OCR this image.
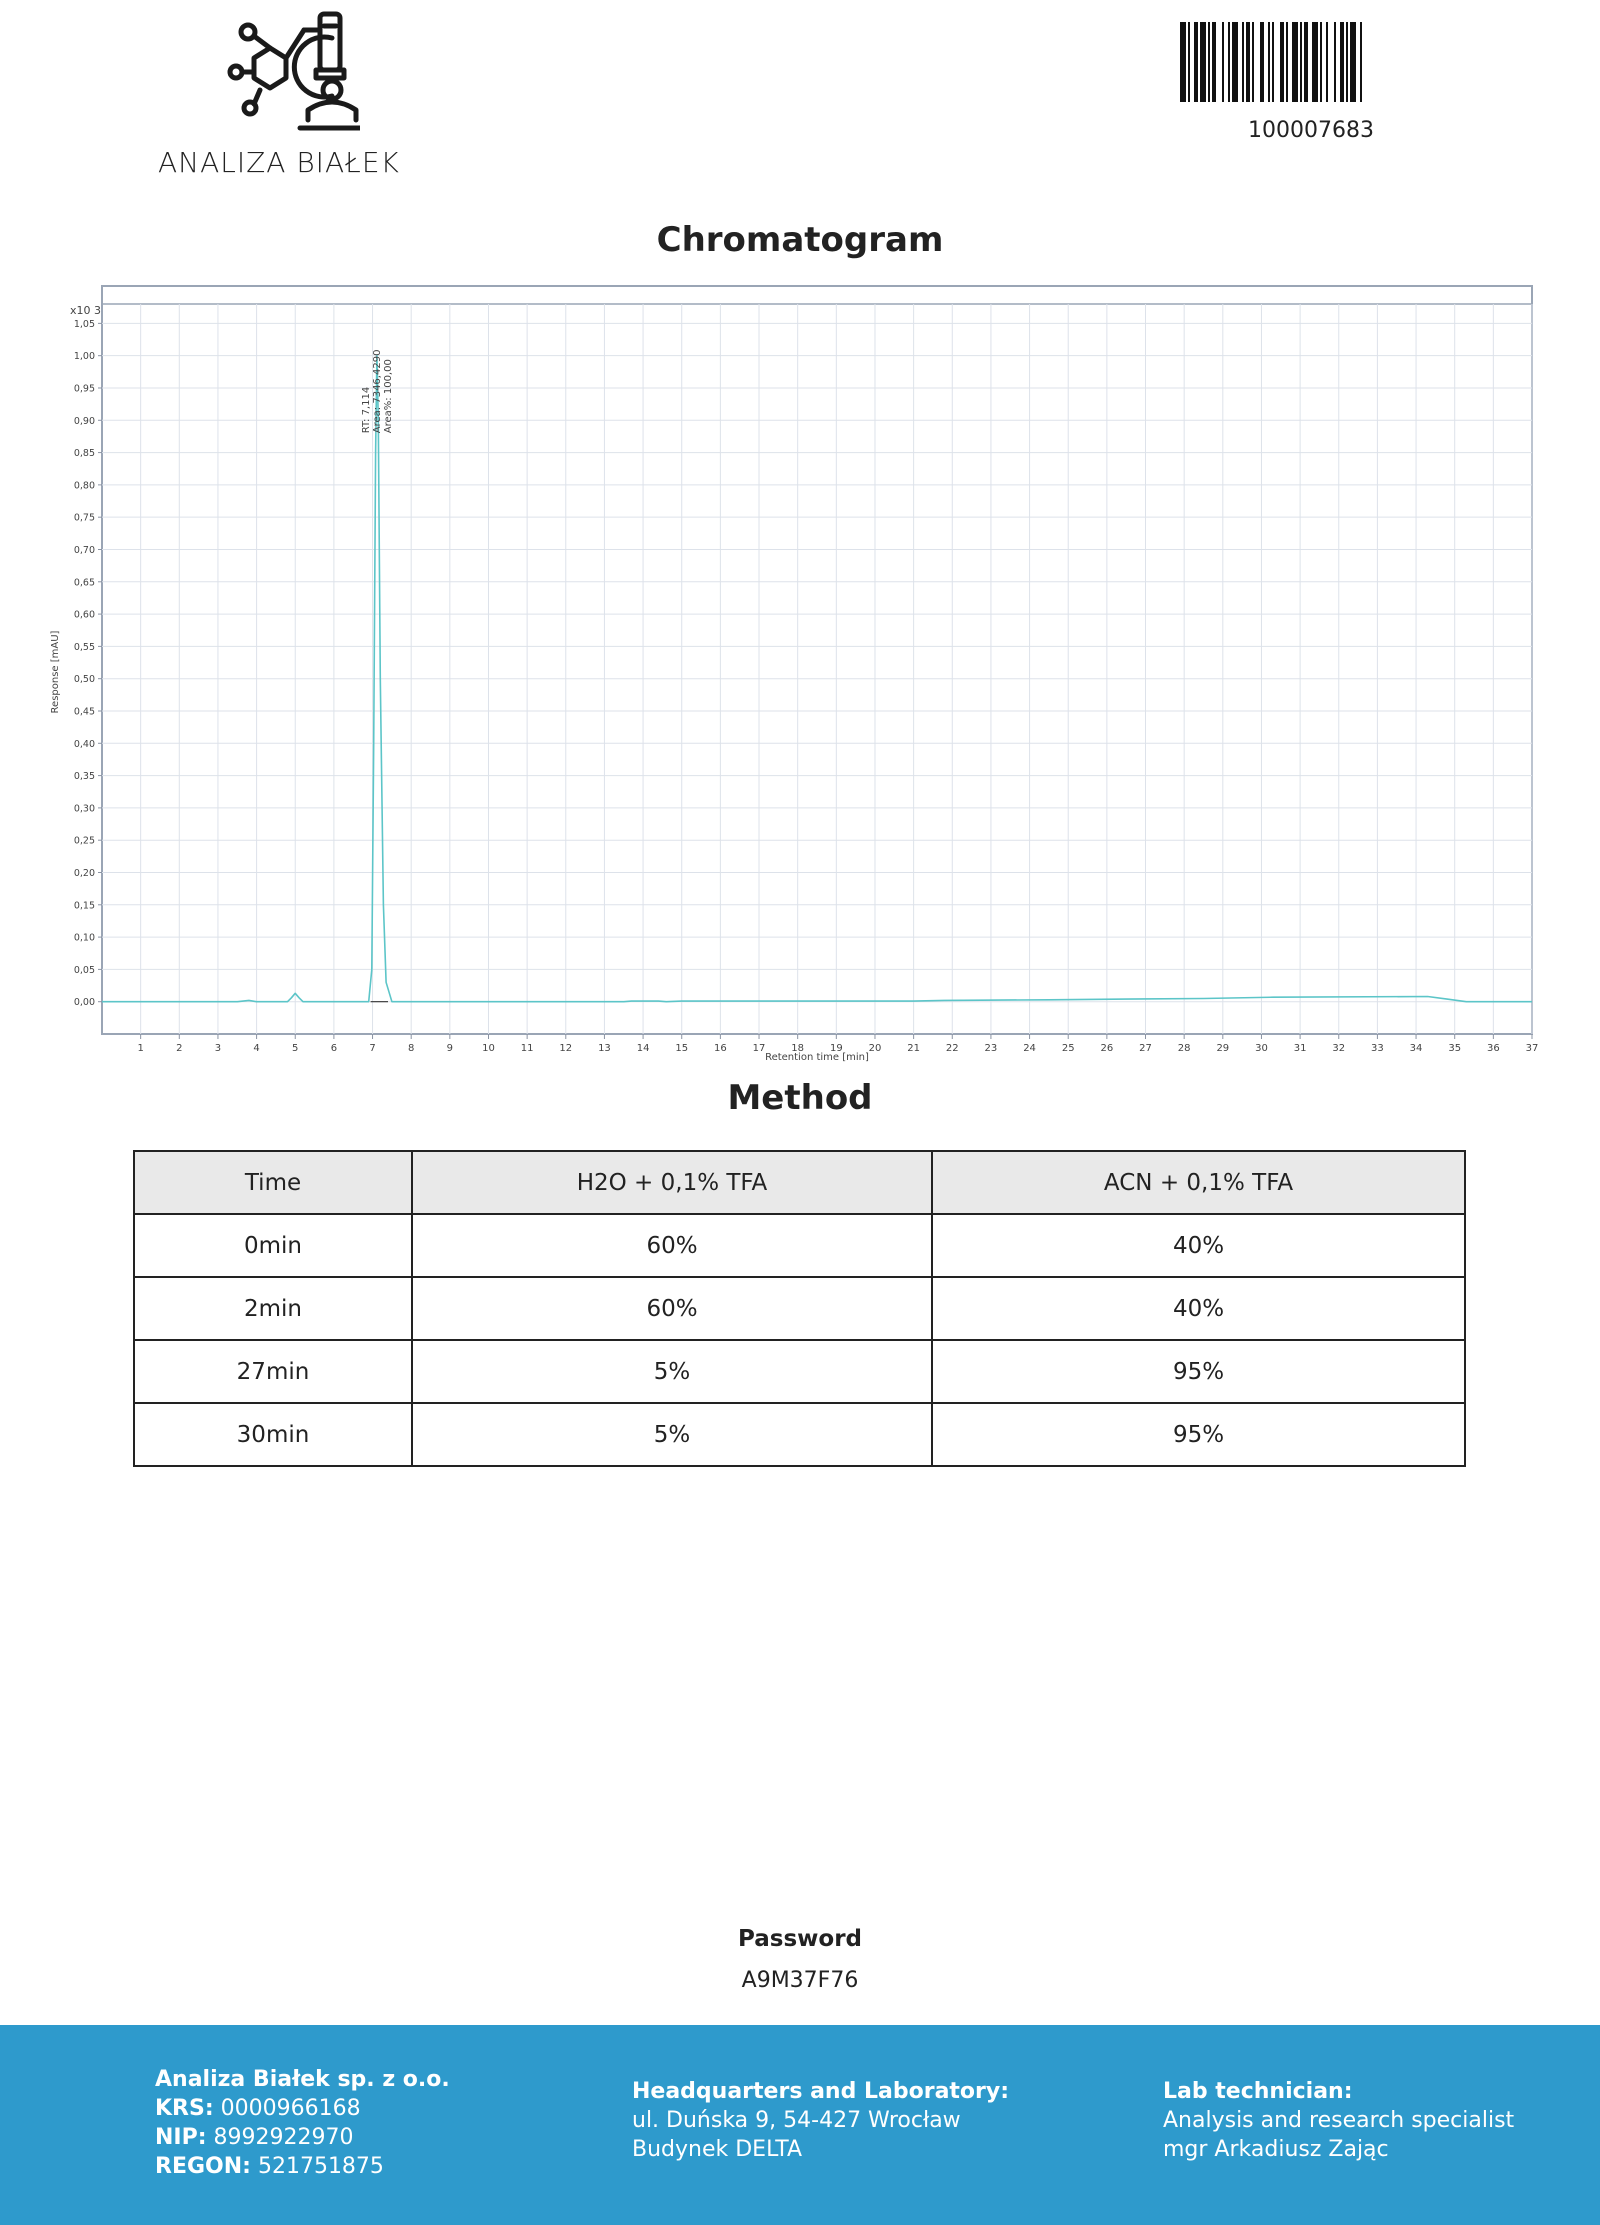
ANALIZA BIAŁEK
100007683
Chromatogram
1	2	3	4	5	6	7	8	9	10	11	12	13	14	15	16	17	18	19	20	21	22	23	24	25	26	27	28	29	30	31	32	33	34	35	36	37
0,00
0,05
0,10
0,15
0,20
0,25
0,30
0,35
0,40
0,45
0,50
0,55
0,60
0,65
0,70
0,75
0,80
0,85
0,90
0,95
1,00
1,05
RT: 7,114 Area: 7346,4290 Area%: 100,00
x10 3
Response [mAU]
Retention time [min]
Method
Time	H2O + 0,1% TFA	ACN + 0,1% TFA
0min	60%	40%
2min	60%	40%
27min	5%	95%
30min	5%	95%
Password
A9M37F76
Analiza Białek sp. z o.o.
KRS: 0000966168
NIP: 8992922970
REGON: 521751875
Headquarters and Laboratory:
ul. Duńska 9, 54-427 Wrocław
Budynek DELTA
Lab technician:
Analysis and research specialist
mgr Arkadiusz Zając
